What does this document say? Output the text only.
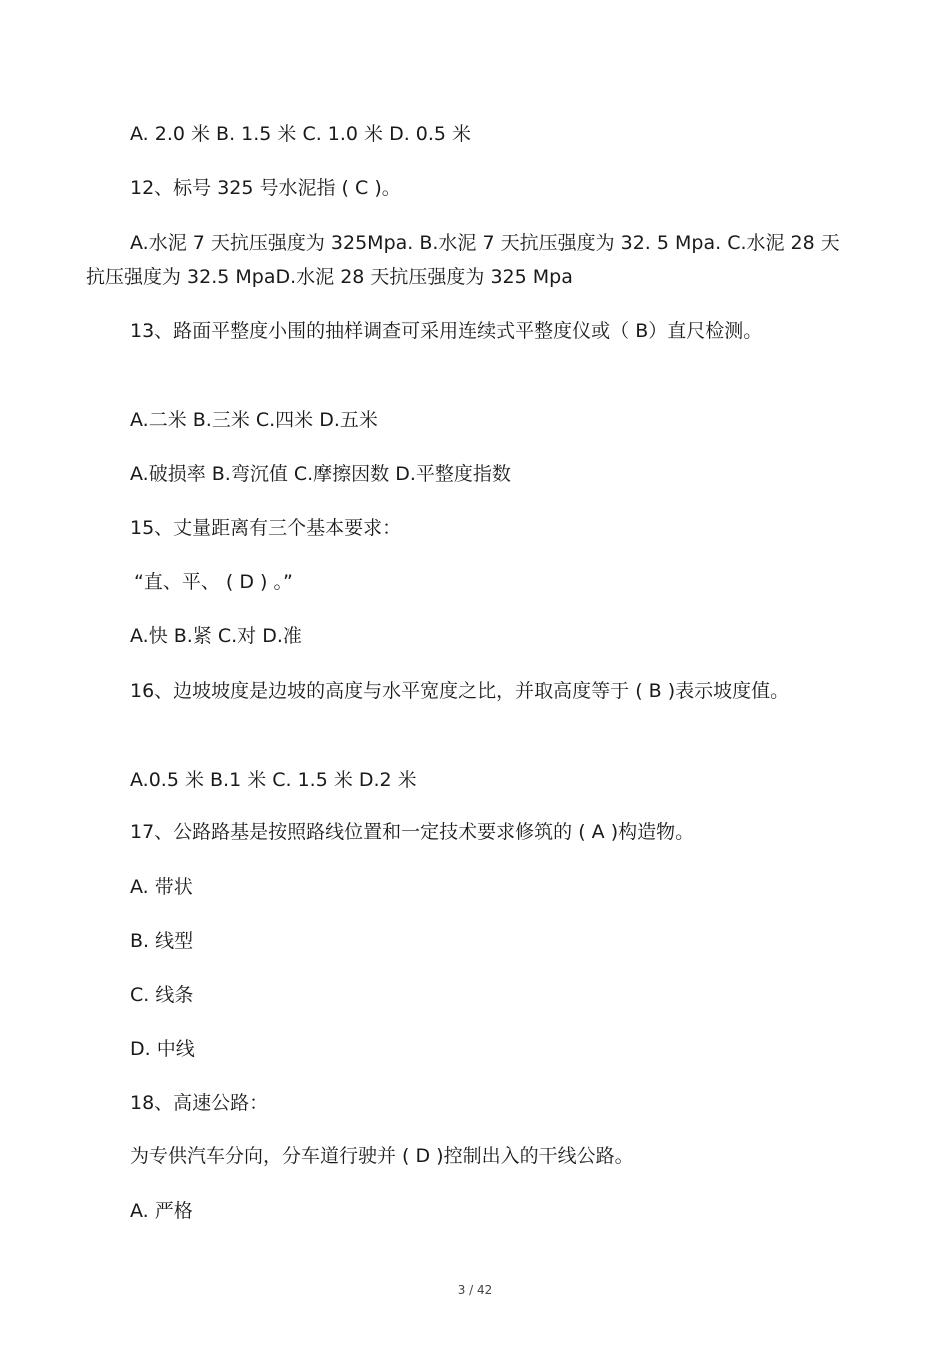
A. 2.0 米 B. 1.5 米 C. 1.0 米 D. 0.5 米
12、标号 325 号水泥指 ( C )。
A.水泥 7 天抗压强度为 325Mpa. B.水泥 7 天抗压强度为 32. 5 Mpa. C.水泥 28 天抗压强度为 32.5 MpaD.水泥 28 天抗压强度为 325 Mpa
13、路面平整度小围的抽样调查可采用连续式平整度仪或（ B）直尺检测。
A.二米 B.三米 C.四米 D.五米
A.破损率 B.弯沉值 C.摩擦因数 D.平整度指数
15、丈量距离有三个基本要求：
“直、平、 ( D ) 。”
A.快 B.紧 C.对 D.准
16、边坡坡度是边坡的高度与水平宽度之比，并取高度等于 ( B )表示坡度值。
A.0.5 米 B.1 米 C. 1.5 米 D.2 米
17、公路路基是按照路线位置和一定技术要求修筑的 ( A )构造物。
A. 带状
B. 线型
C. 线条
D. 中线
18、高速公路：
为专供汽车分向，分车道行驶并 ( D )控制出入的干线公路。
A. 严格
3 / 42
